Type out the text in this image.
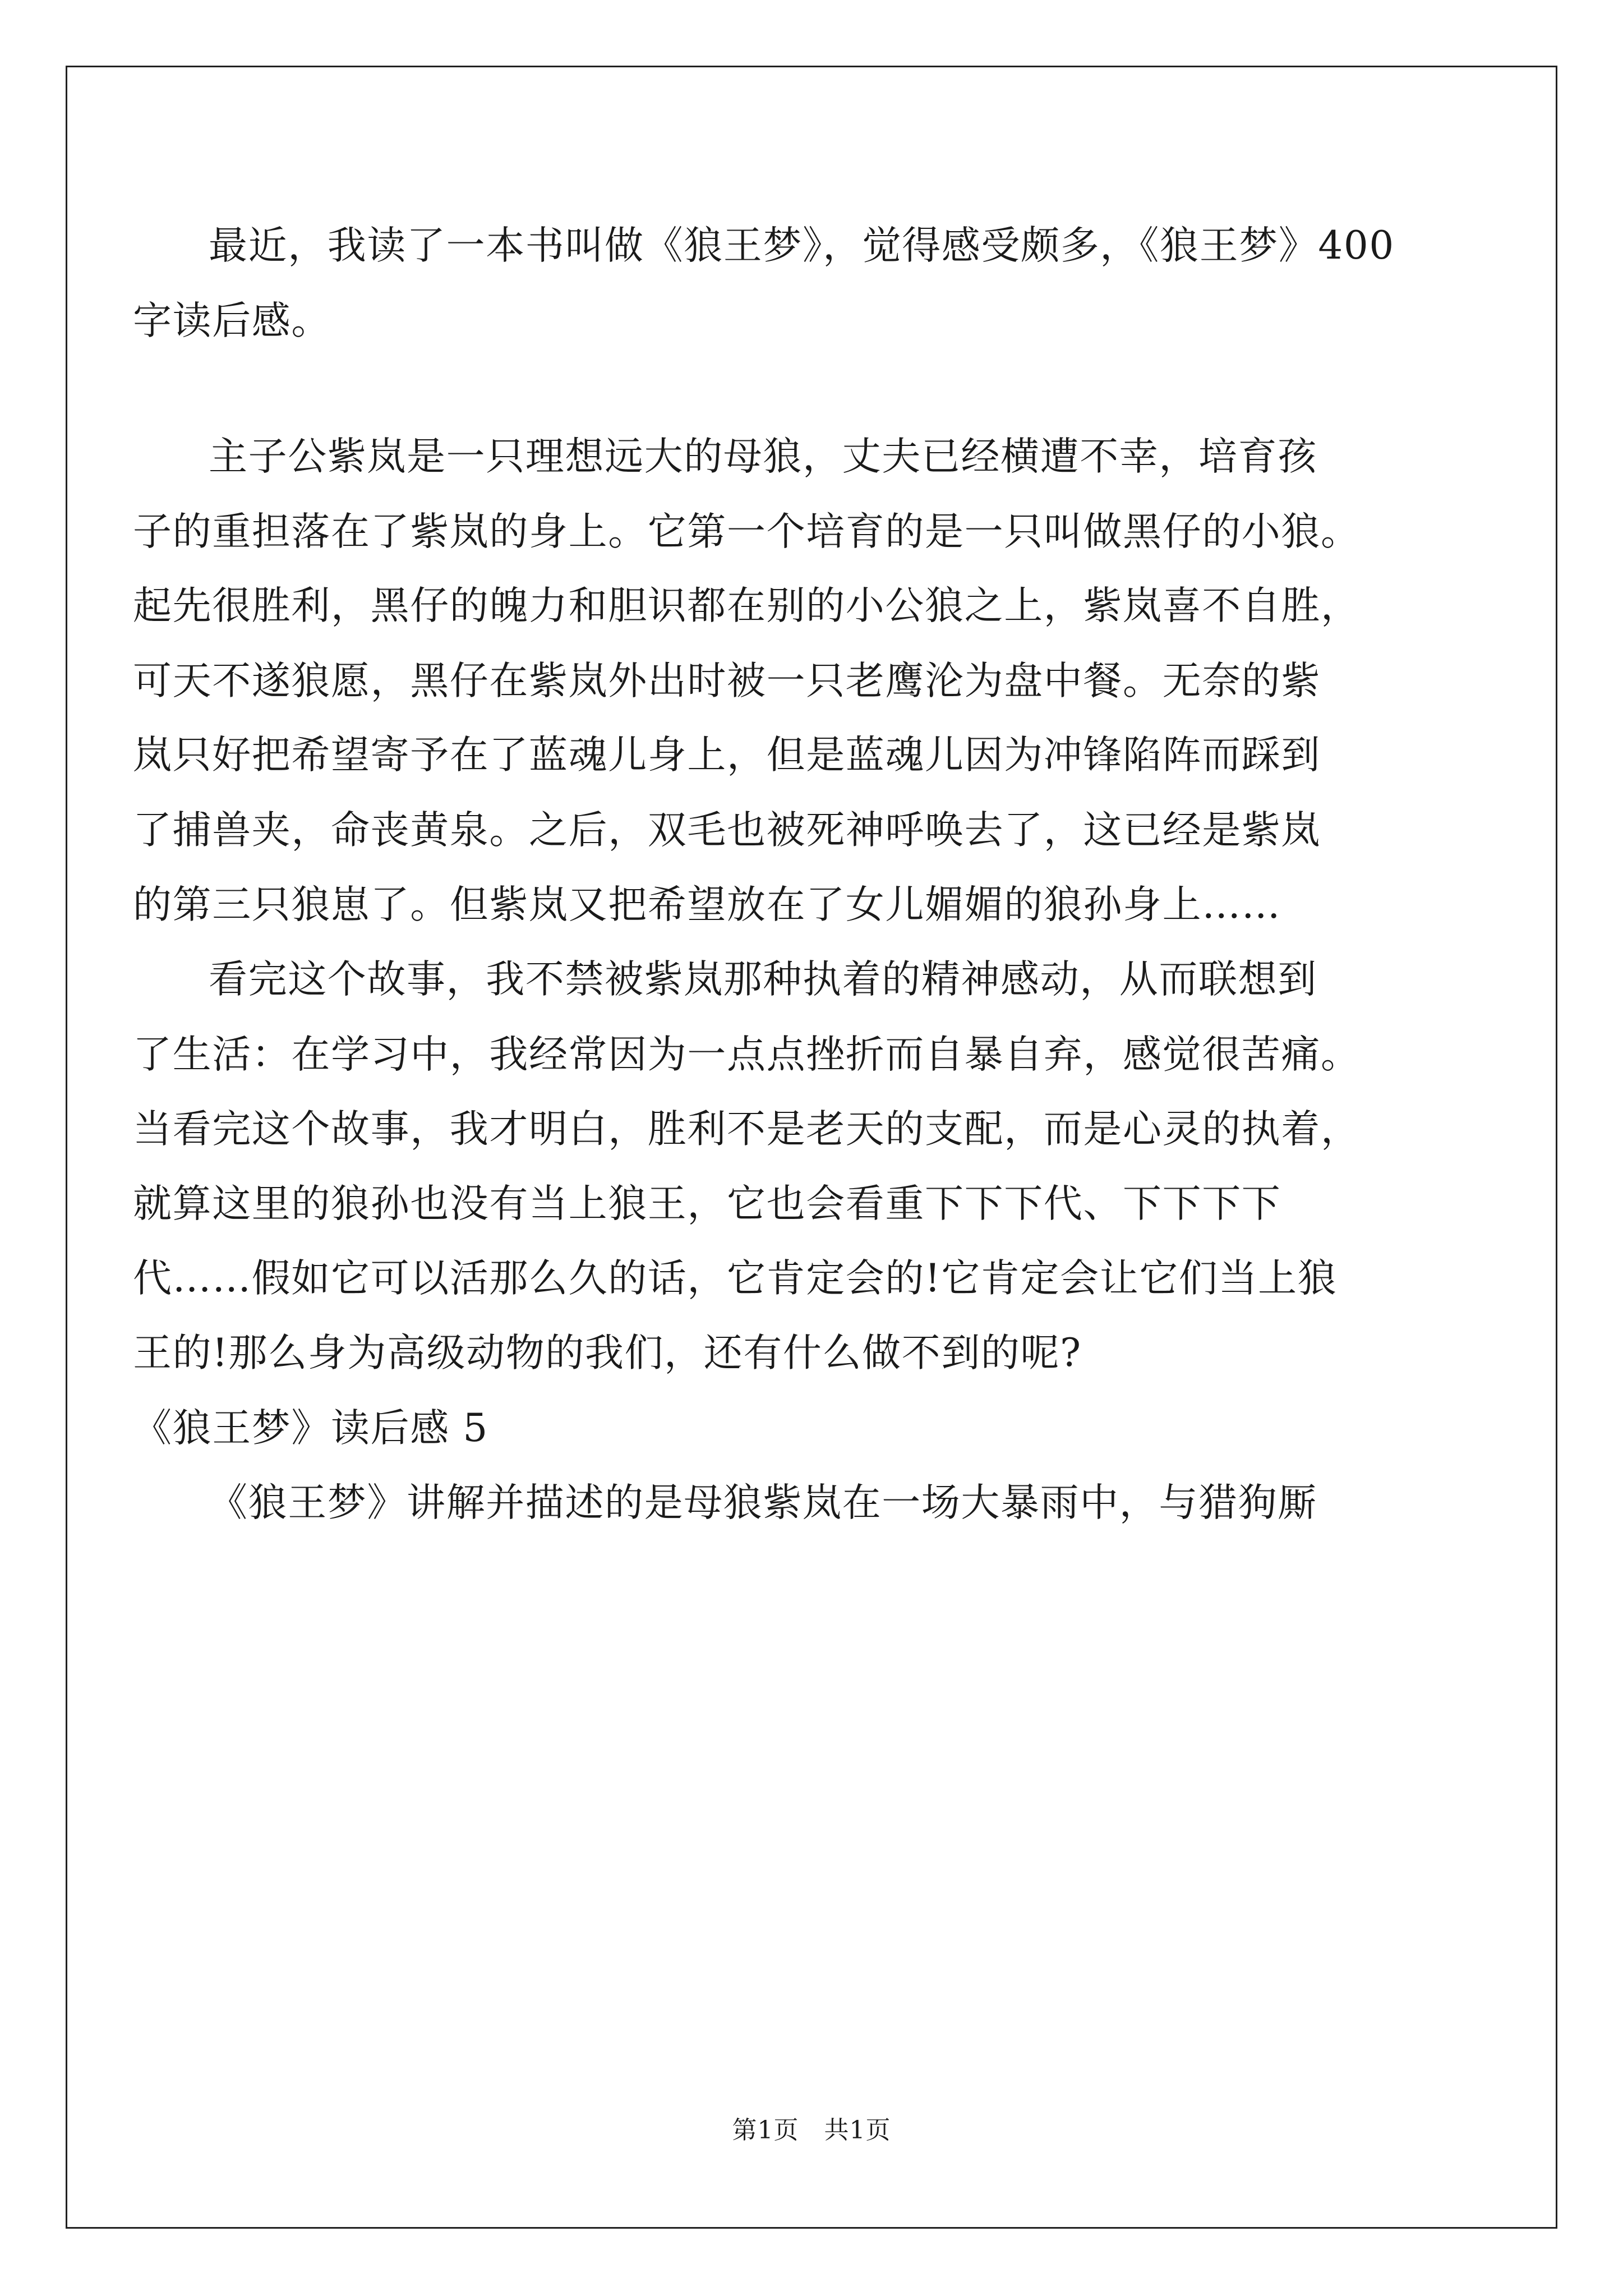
最近，我读了一本书叫做《狼王梦》，觉得感受颇多，《狼王梦》400
字读后感。
主子公紫岚是一只理想远大的母狼，丈夫已经横遭不幸，培育孩
子的重担落在了紫岚的身上。它第一个培育的是一只叫做黑仔的小狼。
起先很胜利，黑仔的魄力和胆识都在别的小公狼之上，紫岚喜不自胜，
可天不遂狼愿，黑仔在紫岚外出时被一只老鹰沦为盘中餐。无奈的紫
岚只好把希望寄予在了蓝魂儿身上，但是蓝魂儿因为冲锋陷阵而踩到
了捕兽夹，命丧黄泉。之后，双毛也被死神呼唤去了，这已经是紫岚
的第三只狼崽了。但紫岚又把希望放在了女儿媚媚的狼孙身上……
看完这个故事，我不禁被紫岚那种执着的精神感动，从而联想到
了生活：在学习中，我经常因为一点点挫折而自暴自弃，感觉很苦痛。
当看完这个故事，我才明白，胜利不是老天的支配，而是心灵的执着，
就算这里的狼孙也没有当上狼王，它也会看重下下下代、下下下下
代……假如它可以活那么久的话，它肯定会的!它肯定会让它们当上狼
王的!那么身为高级动物的我们，还有什么做不到的呢?
《狼王梦》读后感 5
《狼王梦》讲解并描述的是母狼紫岚在一场大暴雨中，与猎狗厮
第1页　共1页
